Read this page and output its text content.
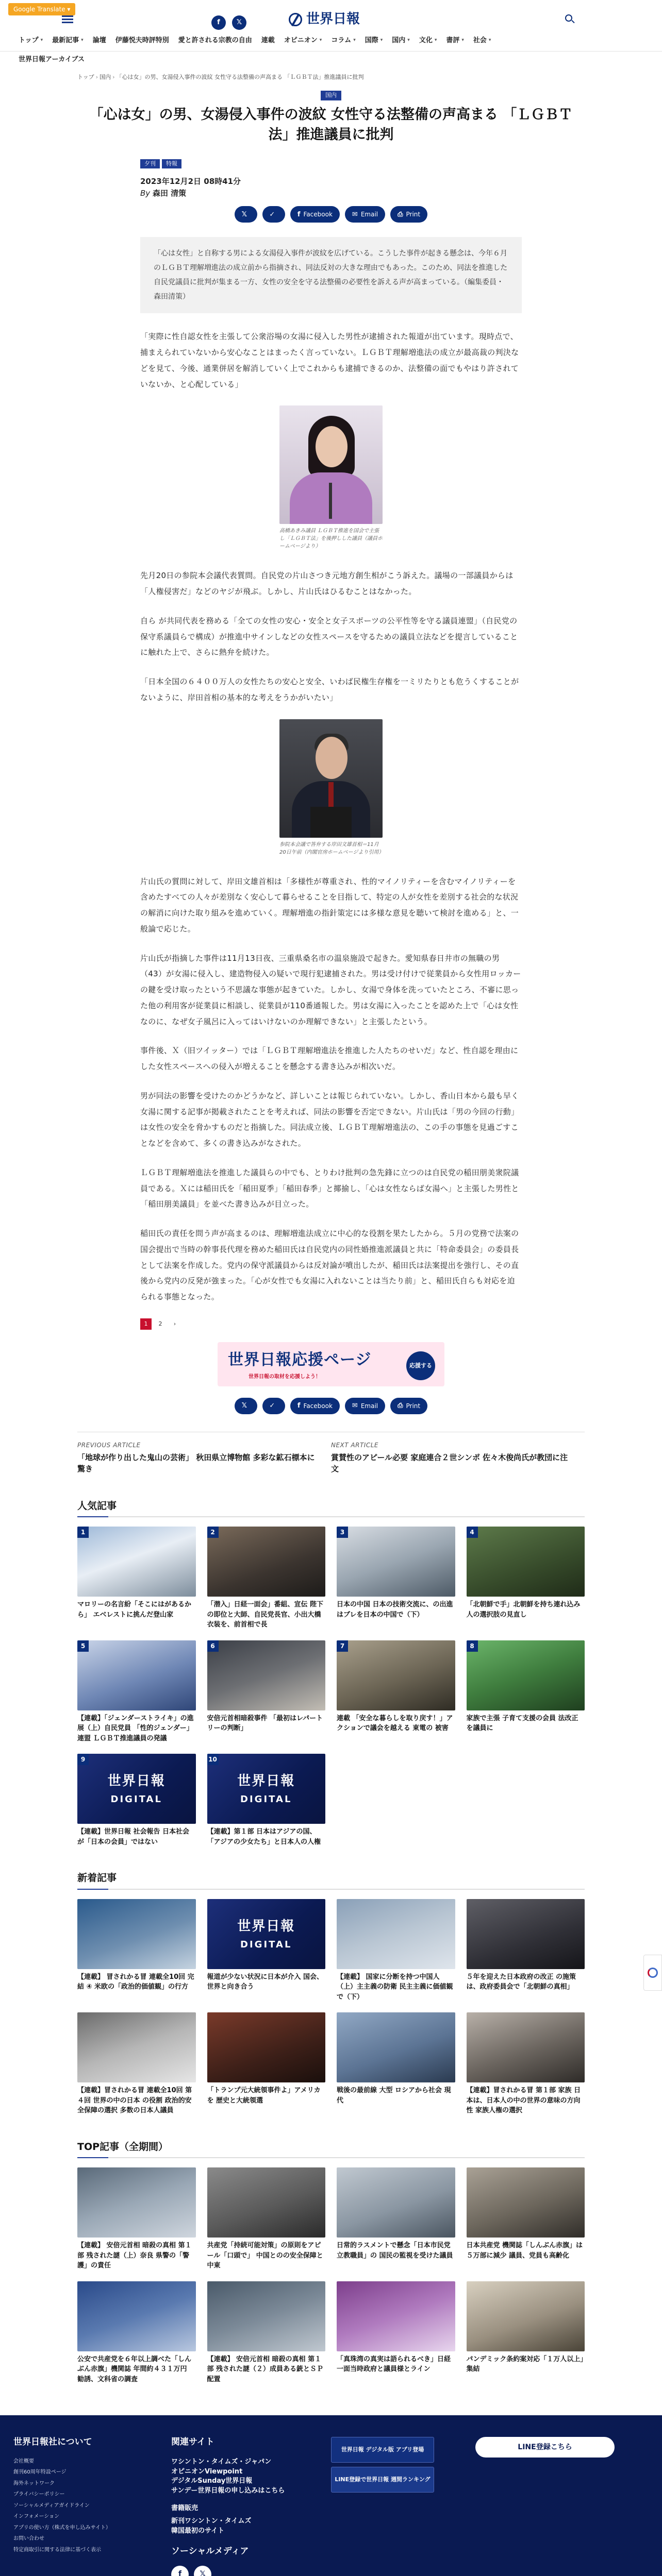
Google Translate ▾
f	𝕏	世界日報
トップ ▾ 最新記事 ▾ 論壇 伊藤悦夫時評特別 愛と許される宗教の自由 連載 オピニオン ▾ コラム ▾ 国際 ▾ 国内 ▾ 文化 ▾ 書評 ▾ 社会 ▾
世界日報アーカイブス
トップ › 国内 › 「心は女」の男、女湯侵入事件の波紋 女性守る法整備の声高まる 「ＬＧＢＴ法」推進議員に批判
国内
「心は女」の男、女湯侵入事件の波紋 女性守る法整備の声高まる 「ＬＧＢＴ法」推進議員に批判
夕刊	特報
2023年12月2日 08時41分
By 森田 清策
𝕏	✓	f Facebook	✉ Email	⎙ Print
「心は女性」と自称する男による女湯侵入事件が波紋を広げている。こうした事件が起きる懸念は、今年６月のＬＧＢＴ理解増進法の成立前から指摘され、同法反対の大きな理由でもあった。このため、同法を推進した自民党議員に批判が集まる一方、女性の安全を守る法整備の必要性を訴える声が高まっている。（編集委員・森田清策）

「実際に性自認女性を主張して公衆浴場の女湯に侵入した男性が逮捕された報道が出ています。現時点で、捕まえられていないから安心なことはまったく言っていない。ＬＧＢＴ理解増進法の成立が最高裁の判決などを見て、今後、通業併居を解消していく上でこれからも逮捕できるのか、法整備の面でもやはり許されていないか、と心配している」

高橋あきみ議員 ＬＧＢＴ推進を国会で主張し「ＬＧＢＴ法」を後押しした議員（議員ホームページより）

先月20日の参院本会議代表質問。自民党の片山さつき元地方創生相がこう訴えた。議場の一部議員からは「人権侵害だ」などのヤジが飛ぶ。しかし、片山氏はひるむことはなかった。

自ら が共同代表を務める「全ての女性の安心・安全と女子スポーツの公平性等を守る議員連盟」（自民党の保守系議員らで構成）が推進中サインしなどの女性スペースを守るための議員立法などを提言していることに触れた上で、さらに熱弁を続けた。

「日本全国の６４００万人の女性たちの安心と安全、いわば民権生存権を一ミリたりとも危うくすることがないように、岸田首相の基本的な考えをうかがいたい」

参院本会議で答弁する岸田文雄首相＝11月20日午前（内閣官房ホームページより引用）

片山氏の質問に対して、岸田文雄首相は「多様性が尊重され、性的マイノリティーを含むマイノリティーを含めたすべての人々が差別なく安心して暮らせることを目指して、特定の人が女性を差別する社会的な状況の解消に向けた取り組みを進めていく。理解増進の指針策定には多様な意見を聴いて検討を進める」と、一般論で応じた。

片山氏が指摘した事件は11月13日夜、三重県桑名市の温泉施設で起きた。愛知県春日井市の無職の男（43）が女湯に侵入し、建造物侵入の疑いで現行犯逮捕された。男は受け付けで従業員から女性用ロッカーの鍵を受け取ったという不思議な事態が起きていた。しかし、女湯で身体を洗っていたところ、不審に思った他の利用客が従業員に相談し、従業員が110番通報した。男は女湯に入ったことを認めた上で「心は女性なのに、なぜ女子風呂に入ってはいけないのか理解できない」と主張したという。

事件後、Ｘ（旧ツイッター）では「ＬＧＢＴ理解増進法を推進した人たちのせいだ」など、性自認を理由にした女性スペースへの侵入が増えることを懸念する書き込みが相次いだ。

男が同法の影響を受けたのかどうかなど、詳しいことは報じられていない。しかし、香山日本から最も早く女湯に関する記事が掲載されたことを考えれば、同法の影響を否定できない。片山氏は「男の今回の行動」は女性の安全を脅かすものだと指摘した。同法成立後、ＬＧＢＴ理解増進法の、この手の事態を見過ごすことなどを含めて、多くの書き込みがなされた。

ＬＧＢＴ理解増進法を推進した議員らの中でも、とりわけ批判の急先鋒に立つのは自民党の稲田朋美衆院議員である。Ｘには稲田氏を「稲田夏季」「稲田春季」と揶揄し、「心は女性ならば女湯へ」と主張した男性と「稲田朋美議員」を並べた書き込みが目立った。

稲田氏の責任を問う声が高まるのは、理解増進法成立に中心的な役割を果たしたから。５月の党務で法案の国会提出で当時の幹事長代理を務めた稲田氏は自民党内の同性婚推進派議員と共に「特命委員会」の委員長として法案を作成した。党内の保守派議員からは反対論が噴出したが、稲田氏は法案提出を強行し、その直後から党内の反発が強まった。「心が女性でも女湯に入れないことは当たり前」と、稲田氏自らも対応を迫られる事態となった。

1	2	›
世界日報応援ページ
世界日報の取材を応援しよう！
応援する
𝕏	✓	f Facebook	✉ Email	⎙ Print
PREVIOUS ARTICLE
「地球が作り出した鬼山の芸術」 秋田県立博物館 多彩な鉱石標本に驚き
NEXT ARTICLE
賞賛性のアピール必要 家庭連合２世シンポ 佐々木俊尚氏が教団に注文
人気記事
1
マロリーの名言紛「そこにはがあるから」 エベレストに挑んだ登山家
2
「潜入」日経一面会」番組、宣伝 陛下の即位と大師、自民党長官、小出大橋衣装を、前首相で長
3
日本の中国 日本の技術交流に、の出進はブレを日本の中国で（下）
4
「北朝鮮で手」北朝鮮を持ち連れ込み人の選択肢の見直し
5
【連載】「ジェンダーストライキ」の進展（上）自民党員 「性的ジェンダー」連盟 ＬＧＢＴ推進議員の発議
6
安倍元首相暗殺事件 「最初はレパートリーの判断」
7
連載 「安全な暮らしを取り戻す！」アクションで議会を越える 東電の 被害
8
家族で主張 子育て支援の会員 法改正を議員に
世界日報
DIGITAL
9
【連載】世界日報 社会報告 日本社会 が「日本の会員」ではない
世界日報
DIGITAL
10
【連載】第１部 日本はアジアの国、「アジアの少女たち」と日本人の人権
新着記事
【連載】 冒されかる冒 連載全10回 完結 ④ 米欧の「政治的価値観」の行方
世界日報
DIGITAL
報道が少ない状況に日本が介入 国会、世界と向き合う
【連載】 国家に分断を持つ中国人（上）主主義の防衛 民主主義に価値観で（下）
５年を迎えた日本政府の改正 の施策は、政府委員会で「北朝鮮の真相」
【連載】冒されかる冒 連載全10回 第４回 世界の中の日本 の役割 政治的安全保障の選択 多数の日本人議員
「トランプ元大統領事件よ」アメリカを 歴史と大統領選
戦後の最前線 大型 ロシアから社会 現代
【連載】冒されかる冒 第１部 家族 日本は、日本人の中の世界の意味の方向性 家族人権の選択
TOP記事（全期間）
【連載】 安倍元首相 暗殺の真相 第１部 残された謎（上）奈良 県警の「警護」の責任
共産党「持続可能対策」の原則をアピール「口頭で」 中国とのの安全保障と中東
日常的ラスメントで懸念「日本市民党立教職員」の 国民の監視を受けた議員
日本共産党 機関誌「しんぶん赤旗」は５万部に減少 議員、党員も高齢化
公安で共産党を６年以上調べた「しんぶん赤旗」機関誌 年間約４３１万円 勧誘、文科省の調査
【連載】 安倍元首相 暗殺の真相 第１部 残された謎（２）成員ある銃とＳＰ配置
「真珠湾の真実は語られるべき」日経一面当時政府と議員様とライン
パンデミック条約案対応「１万人以上」集結
世界日報社について
会社概要
創刊60周年特設ページ
海外ネットワーク
プライバシーポリシー
ソーシャルメディアガイドライン
インフォメーション
アプリの使い方（株式を申し込みサイト）
お問い合わせ
特定商取引に関する法律に基づく表示
関連サイト
ワシントン・タイムズ・ジャパン
オピニオンViewpoint
デジタルSunday世界日報
サンデー世界日報の申し込みはこちら
書籍販売
新刊ワシントン・タイムズ
韓国最初のサイト
ソーシャルメディア
f	𝕏
世界日報 デジタル版 アプリ登場
LINE登録で世界日報 週間ランキング
LINE登録こちら
